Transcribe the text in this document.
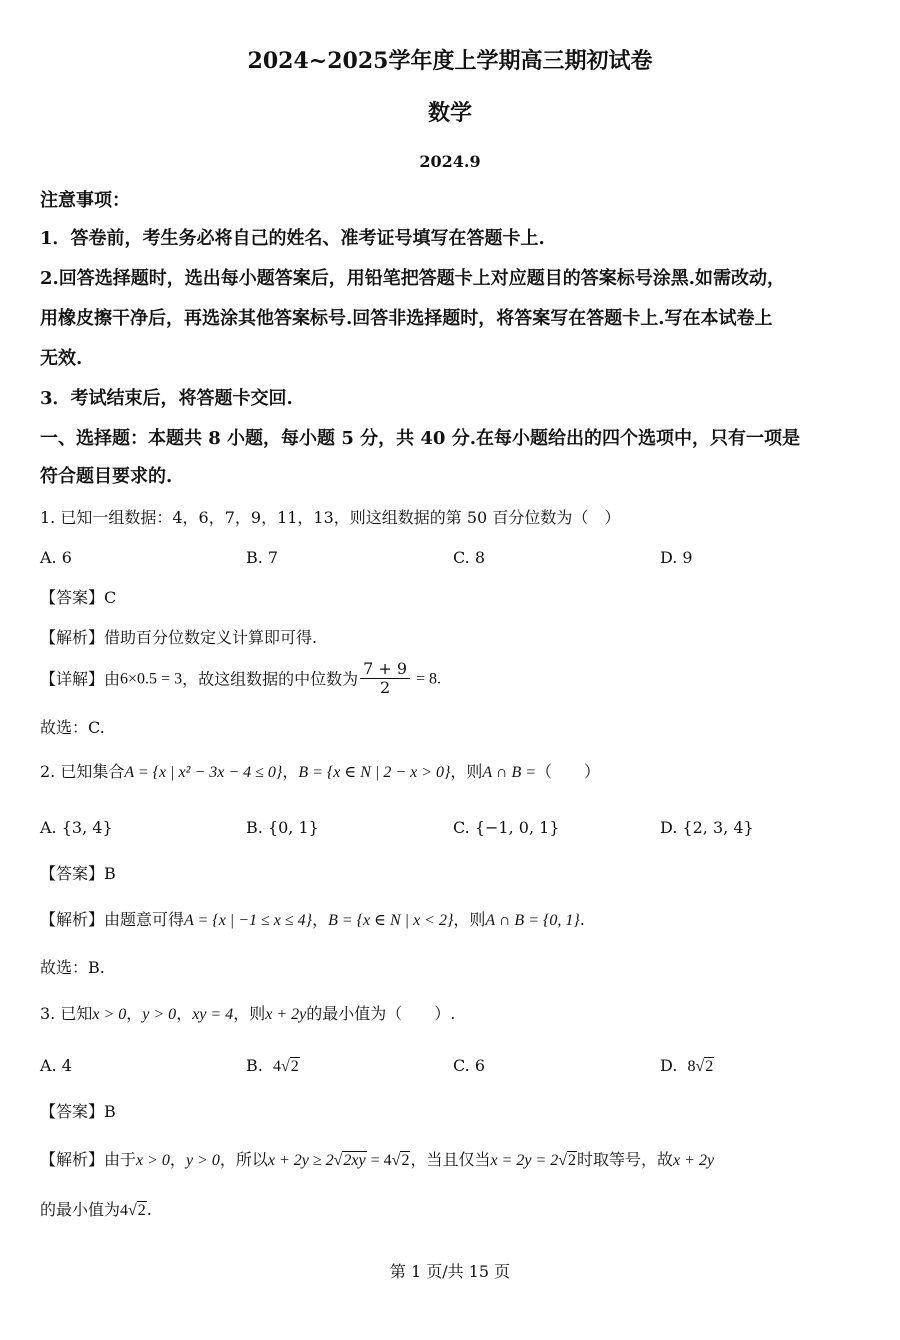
2024~2025学年度上学期高三期初试卷
数学
2024.9
注意事项：
1．答卷前，考生务必将自己的姓名、准考证号填写在答题卡上.
2.回答选择题时，选出每小题答案后，用铅笔把答题卡上对应题目的答案标号涂黑.如需改动，
用橡皮擦干净后，再选涂其他答案标号.回答非选择题时，将答案写在答题卡上.写在本试卷上
无效.
3．考试结束后，将答题卡交回.
一、选择题：本题共 8 小题，每小题 5 分，共 40 分.在每小题给出的四个选项中，只有一项是
符合题目要求的.
1. 已知一组数据：4，6，7，9，11，13，则这组数据的第 50 百分位数为（　）
A. 6	B. 7	C. 8	D. 9
【答案】C
【解析】借助百分位数定义计算即可得.
【详解】由6×0.5 = 3，故这组数据的中位数为 $\frac{7 + 9}{2} = 8$.
故选：C.
2. 已知集合A = {x | x² − 3x − 4 ≤ 0}，B = {x ∈ N | 2 − x > 0}，则A ∩ B =（　　）
A. {3, 4}	B. {0, 1}	C. {−1, 0, 1}	D. {2, 3, 4}
【答案】B
【解析】由题意可得A = {x | −1 ≤ x ≤ 4}，B = {x ∈ N | x < 2}，则A ∩ B = {0, 1}.
故选：B.
3. 已知x > 0，y > 0，xy = 4，则x + 2y的最小值为（　　）.
A. 4	B. 4√2	C. 6	D. 8√2
【答案】B
【解析】由于x > 0，y > 0，所以x + 2y ≥ 2√2xy = 4√2，当且仅当x = 2y = 2√2时取等号，故x + 2y
的最小值为4√2.
第 1 页/共 15 页
